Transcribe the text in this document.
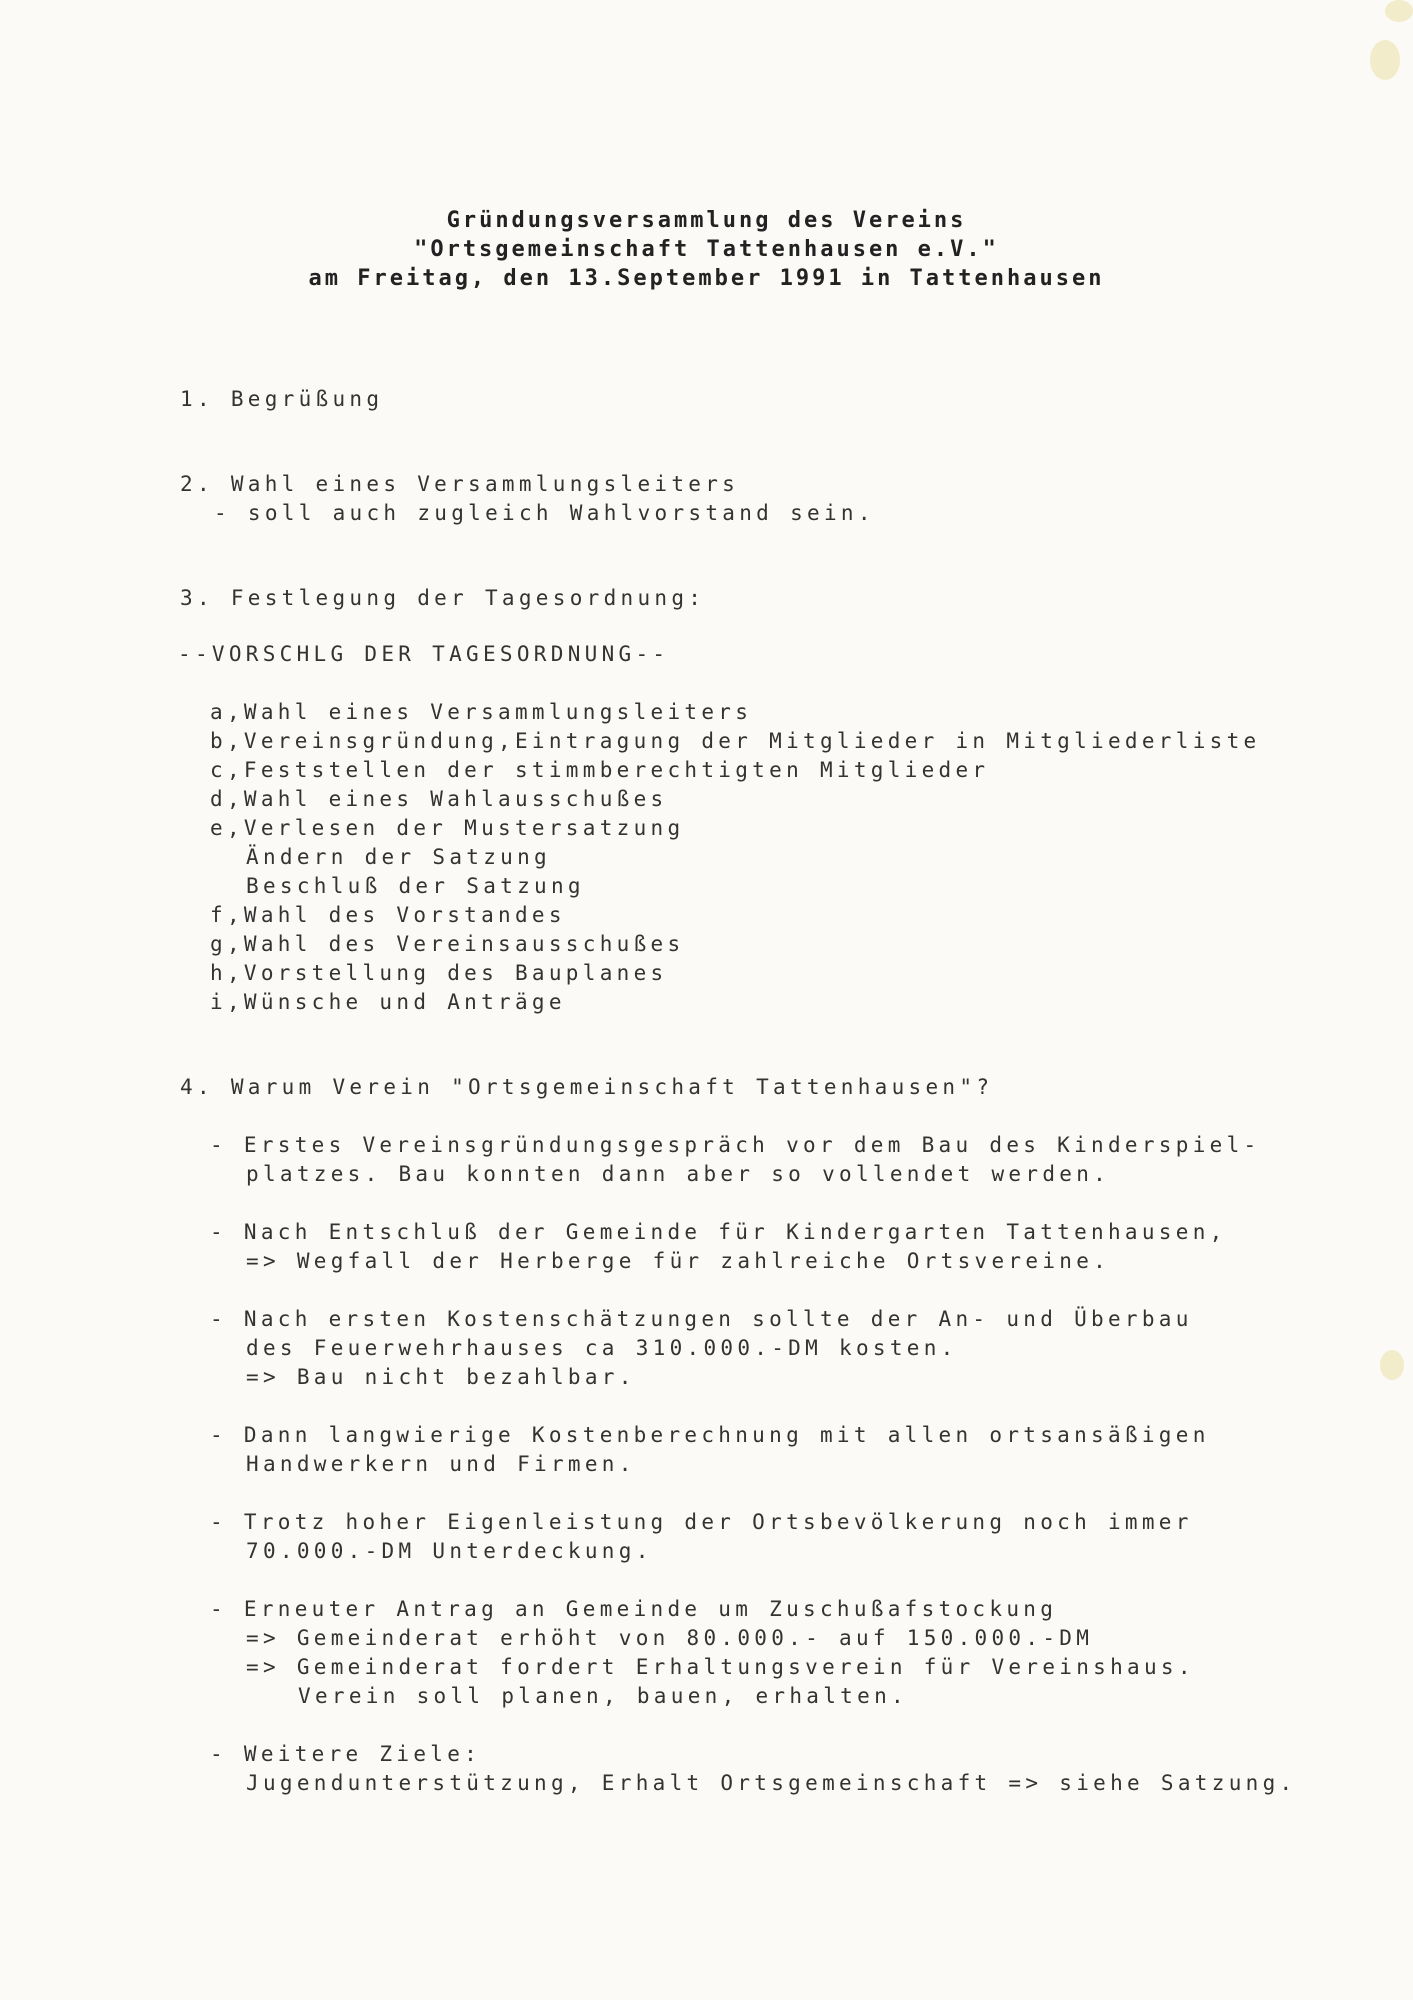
Gründungsversammlung des Vereins
"Ortsgemeinschaft Tattenhausen e.V."
am Freitag, den 13.September 1991 in Tattenhausen
1. Begrüßung
2. Wahl eines Versammlungsleiters
- soll auch zugleich Wahlvorstand sein.
3. Festlegung der Tagesordnung:
--VORSCHLG DER TAGESORDNUNG--
a,Wahl eines Versammlungsleiters
b,Vereinsgründung,Eintragung der Mitglieder in Mitgliederliste
c,Feststellen der stimmberechtigten Mitglieder
d,Wahl eines Wahlausschußes
e,Verlesen der Mustersatzung
Ändern der Satzung
Beschluß der Satzung
f,Wahl des Vorstandes
g,Wahl des Vereinsausschußes
h,Vorstellung des Bauplanes
i,Wünsche und Anträge
4. Warum Verein "Ortsgemeinschaft Tattenhausen"?
- Erstes Vereinsgründungsgespräch vor dem Bau des Kinderspiel-
platzes. Bau konnten dann aber so vollendet werden.
- Nach Entschluß der Gemeinde für Kindergarten Tattenhausen,
=> Wegfall der Herberge für zahlreiche Ortsvereine.
- Nach ersten Kostenschätzungen sollte der An- und Überbau
des Feuerwehrhauses ca 310.000.-DM kosten.
=> Bau nicht bezahlbar.
- Dann langwierige Kostenberechnung mit allen ortsansäßigen
Handwerkern und Firmen.
- Trotz hoher Eigenleistung der Ortsbevölkerung noch immer
70.000.-DM Unterdeckung.
- Erneuter Antrag an Gemeinde um Zuschußafstockung
=> Gemeinderat erhöht von 80.000.- auf 150.000.-DM
=> Gemeinderat fordert Erhaltungsverein für Vereinshaus.
Verein soll planen, bauen, erhalten.
- Weitere Ziele:
Jugendunterstützung, Erhalt Ortsgemeinschaft => siehe Satzung.
